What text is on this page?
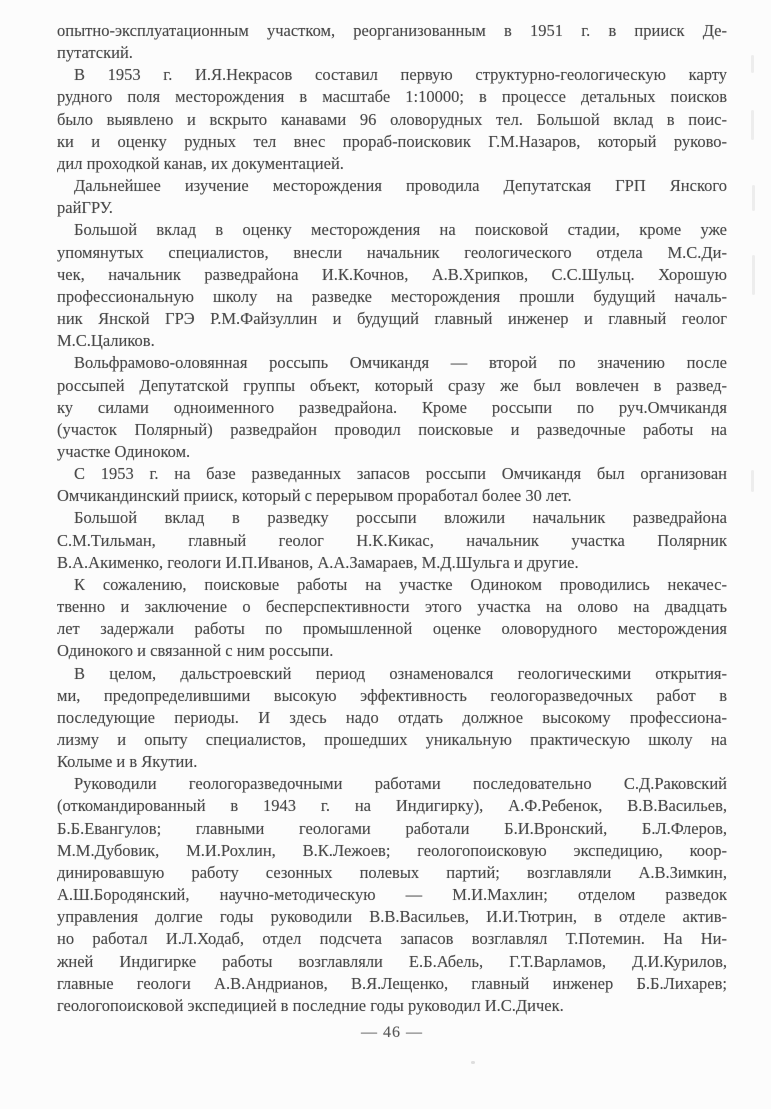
опытно-эксплуатационным участком, реорганизованным в 1951 г. в прииск Де-
путатский.
В 1953 г. И.Я.Некрасов составил первую структурно-геологическую карту
рудного поля месторождения в масштабе 1:10000; в процессе детальных поисков
было выявлено и вскрыто канавами 96 оловорудных тел. Большой вклад в поис-
ки и оценку рудных тел внес прораб-поисковик Г.М.Назаров, который руково-
дил проходкой канав, их документацией.
Дальнейшее изучение месторождения проводила Депутатская ГРП Янского
райГРУ.
Большой вклад в оценку месторождения на поисковой стадии, кроме уже
упомянутых специалистов, внесли начальник геологического отдела М.С.Ди-
чек, начальник разведрайона И.К.Кочнов, А.В.Хрипков, С.С.Шульц. Хорошую
профессиональную школу на разведке месторождения прошли будущий началь-
ник Янской ГРЭ Р.М.Файзуллин и будущий главный инженер и главный геолог
М.С.Цаликов.
Вольфрамово-оловянная россыпь Омчикандя — второй по значению после
россыпей Депутатской группы объект, который сразу же был вовлечен в развед-
ку силами одноименного разведрайона. Кроме россыпи по руч.Омчикандя
(участок Полярный) разведрайон проводил поисковые и разведочные работы на
участке Одиноком.
С 1953 г. на базе разведанных запасов россыпи Омчикандя был организован
Омчикандинский прииск, который с перерывом проработал более 30 лет.
Большой вклад в разведку россыпи вложили начальник разведрайона
С.М.Тильман, главный геолог Н.К.Кикас, начальник участка Полярник
В.А.Акименко, геологи И.П.Иванов, А.А.Замараев, М.Д.Шульга и другие.
К сожалению, поисковые работы на участке Одиноком проводились некачес-
твенно и заключение о бесперспективности этого участка на олово на двадцать
лет задержали работы по промышленной оценке оловорудного месторождения
Одинокого и связанной с ним россыпи.
В целом, дальстроевский период ознаменовался геологическими открытия-
ми, предопределившими высокую эффективность геологоразведочных работ в
последующие периоды. И здесь надо отдать должное высокому профессиона-
лизму и опыту специалистов, прошедших уникальную практическую школу на
Колыме и в Якутии.
Руководили геологоразведочными работами последовательно С.Д.Раковский
(откомандированный в 1943 г. на Индигирку), А.Ф.Ребенок, В.В.Васильев,
Б.Б.Евангулов; главными геологами работали Б.И.Вронский, Б.Л.Флеров,
М.М.Дубовик, М.И.Рохлин, В.К.Лежоев; геологопоисковую экспедицию, коор-
динировавшую работу сезонных полевых партий; возглавляли А.В.Зимкин,
А.Ш.Бородянский, научно-методическую — М.И.Махлин; отделом разведок
управления долгие годы руководили В.В.Васильев, И.И.Тютрин, в отделе актив-
но работал И.Л.Ходаб, отдел подсчета запасов возглавлял Т.Потемин. На Ни-
жней Индигирке работы возглавляли Е.Б.Абель, Г.Т.Варламов, Д.И.Курилов,
главные геологи А.В.Андрианов, В.Я.Лещенко, главный инженер Б.Б.Лихарев;
геологопоисковой экспедицией в последние годы руководил И.С.Дичек.
— 46 —
